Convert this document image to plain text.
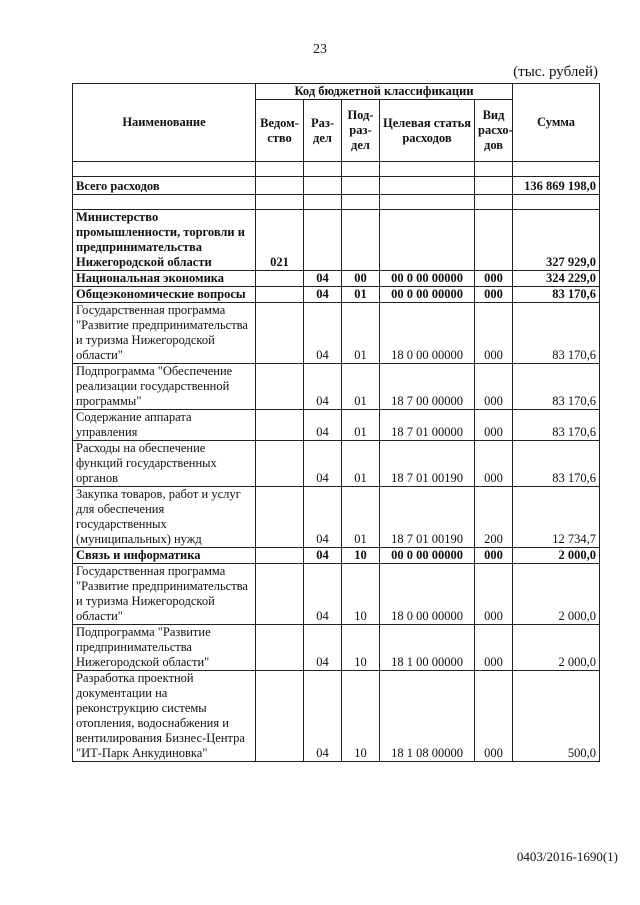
23
(тыс. рублей)
Наименование	Код бюджетной классификации					Сумма
	Ведом-ство	Раз-дел	Под-раз-дел	Целевая статья расходов	Вид расхо-дов	

Всего расходов						136 869 198,0

Министерство промышленности, торговли и предпринимательства Нижегородской области	021					327 929,0
Национальная экономика		04	00	00 0 00 00000	000	324 229,0
Общеэкономические вопросы		04	01	00 0 00 00000	000	83 170,6
Государственная программа "Развитие предпринимательства и туризма Нижегородской области"		04	01	18 0 00 00000	000	83 170,6
Подпрограмма "Обеспечение реализации государственной программы"		04	01	18 7 00 00000	000	83 170,6
Содержание аппарата управления		04	01	18 7 01 00000	000	83 170,6
Расходы на обеспечение функций государственных органов		04	01	18 7 01 00190	000	83 170,6
Закупка товаров, работ и услуг для обеспечения государственных (муниципальных) нужд		04	01	18 7 01 00190	200	12 734,7
Связь и информатика		04	10	00 0 00 00000	000	2 000,0
Государственная программа "Развитие предпринимательства и туризма Нижегородской области"		04	10	18 0 00 00000	000	2 000,0
Подпрограмма "Развитие предпринимательства Нижегородской области"		04	10	18 1 00 00000	000	2 000,0
Разработка проектной документации на реконструкцию системы отопления, водоснабжения и вентилирования Бизнес-Центра "ИТ-Парк Анкудиновка"		04	10	18 1 08 00000	000	500,0
0403/2016-1690(1)
